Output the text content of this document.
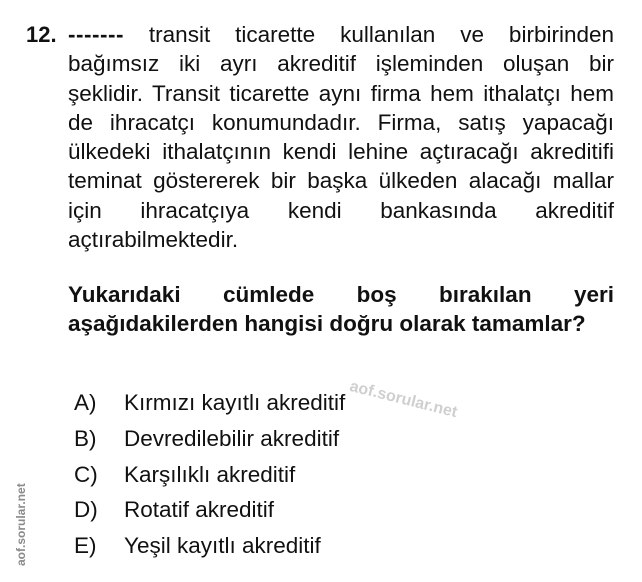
12. ------- transit ticarette kullanılan ve birbirinden bağımsız iki ayrı akreditif işleminden oluşan bir şeklidir. Transit ticarette aynı firma hem ithalatçı hem de ihracatçı konumundadır. Firma, satış yapacağı ülkedeki ithalatçının kendi lehine açtıracağı akreditifi teminat göstererek bir başka ülkeden alacağı mallar için ihracatçıya kendi bankasında akreditif açtırabilmektedir.

Yukarıdaki cümlede boş bırakılan yeri aşağıdakilerden hangisi doğru olarak tamamlar?

A)	Kırmızı kayıtlı akreditif
B)	Devredilebilir akreditif
C)	Karşılıklı akreditif
D)	Rotatif akreditif
E)	Yeşil kayıtlı akreditif
aof.sorular.net
aof.sorular.net
